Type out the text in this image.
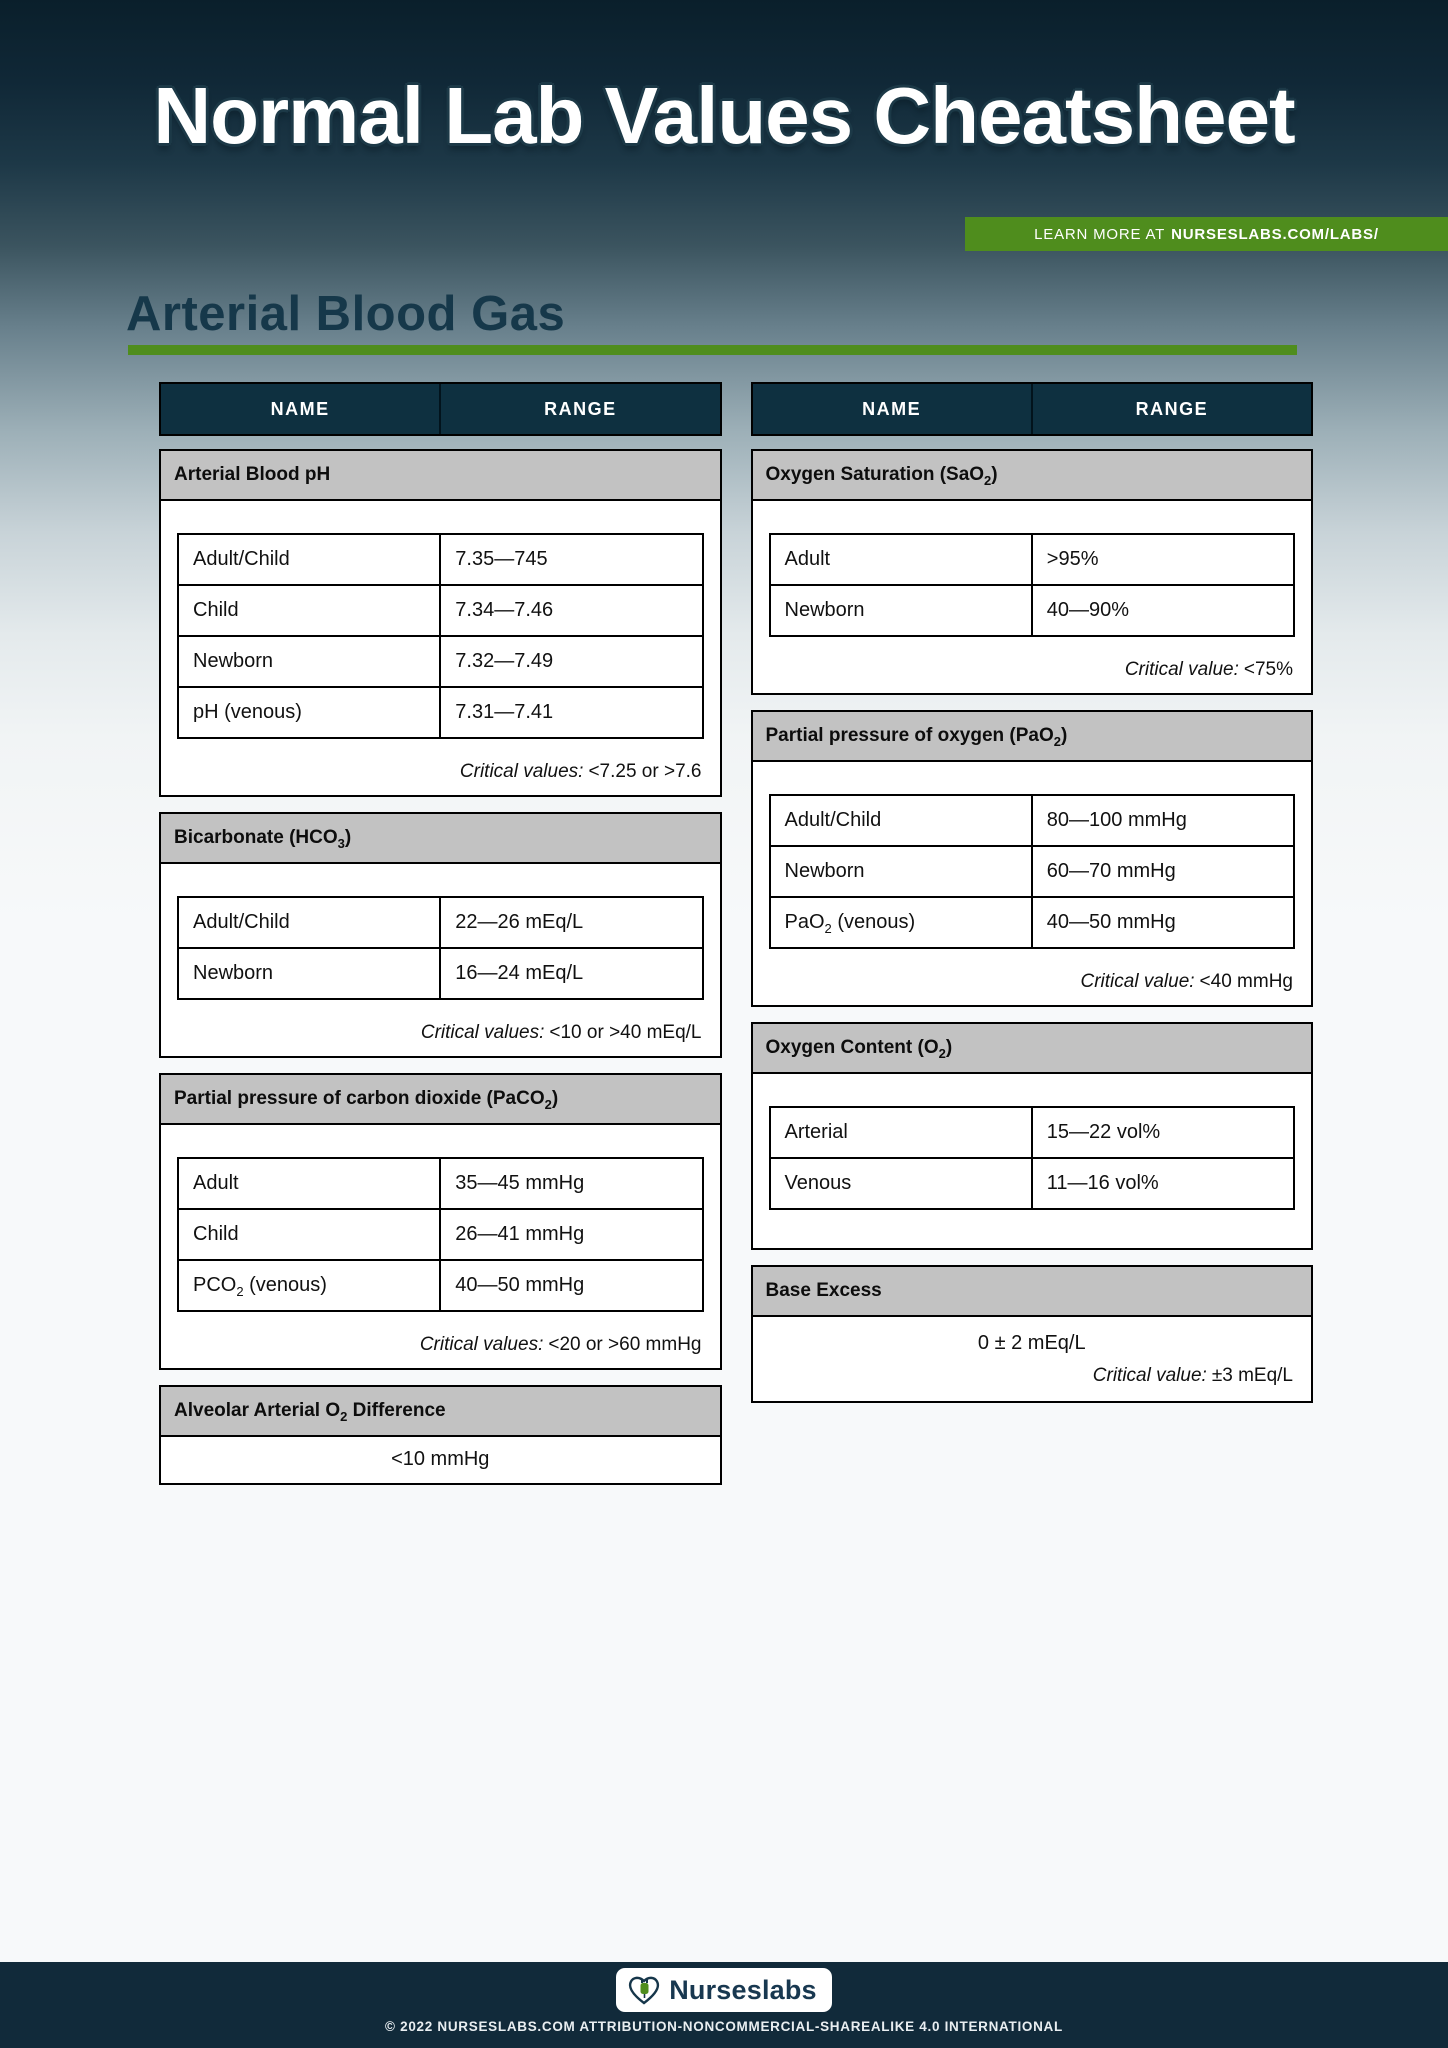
Normal Lab Values Cheatsheet
LEARN MORE AT NURSESLABS.COM/LABS/
Arterial Blood Gas
NAME	RANGE
Arterial Blood pH
Adult/Child	7.35—745
Child	7.34—7.46
Newborn	7.32—7.49
pH (venous)	7.31—7.41
Critical values: <7.25 or >7.6
Bicarbonate $(HCO_3)$
Adult/Child	22—26 mEq/L
Newborn	16—24 mEq/L
Critical values: <10 or >40 mEq/L
Partial pressure of carbon dioxide (PaCO$_2$)
Adult	35—45 mmHg
Child	26—41 mmHg
$PCO_2$ (venous)	40—50 mmHg
Critical values: <20 or >60 mmHg
Alveolar Arterial $O_2$ Difference
<10 mmHg
NAME	RANGE
Oxygen Saturation (SaO$_2$)
Adult	>95%
Newborn	40—90%
Critical value: <75%
Partial pressure of oxygen (PaO$_2$)
Adult/Child	80—100 mmHg
Newborn	60—70 mmHg
PaO$_2$ (venous)	40—50 mmHg
Critical value: <40 mmHg
Oxygen Content $(O_2)$
Arterial	15—22 vol%
Venous	11—16 vol%
Base Excess
0 ± 2 mEq/L
Critical value: ±3 mEq/L
Nurseslabs
© 2022 NURSESLABS.COM ATTRIBUTION-NONCOMMERCIAL-SHAREALIKE 4.0 INTERNATIONAL
